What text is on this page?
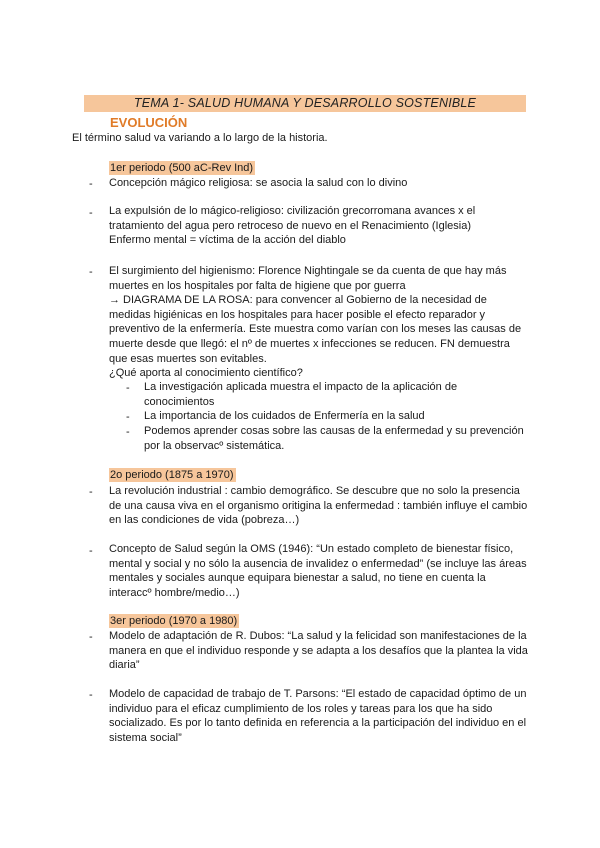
TEMA 1- SALUD HUMANA Y DESARROLLO SOSTENIBLE
EVOLUCIÓN
El término salud va variando a lo largo de la historia.
1er periodo (500 aC-Rev Ind)
- Concepción mágico religiosa: se asocia la salud con lo divino
- La expulsión de lo mágico-religioso: civilización grecorromana avances x el tratamiento del agua pero retroceso de nuevo en el Renacimiento (Iglesia)

Enfermo mental = víctima de la acción del diablo

- El surgimiento del higienismo: Florence Nightingale se da cuenta de que hay más muertes en los hospitales por falta de higiene que por guerra

→ DIAGRAMA DE LA ROSA: para convencer al Gobierno de la necesidad de medidas higiénicas en los hospitales para hacer posible el efecto reparador y preventivo de la enfermería. Este muestra como varían con los meses las causas de muerte desde que llegó: el nº de muertes x infecciones se reducen. FN demuestra que esas muertes son evitables.

¿Qué aporta al conocimiento científico?

- La investigación aplicada muestra el impacto de la aplicación de conocimientos
- La importancia de los cuidados de Enfermería en la salud
- Podemos aprender cosas sobre las causas de la enfermedad y su prevención por la observacº sistemática.
2o periodo (1875 a 1970)
- La revolución industrial : cambio demográfico. Se descubre que no solo la presencia de una causa viva en el organismo oritigina la enfermedad : también influye el cambio en las condiciones de vida (pobreza…)
- Concepto de Salud según la OMS (1946): “Un estado completo de bienestar físico, mental y social y no sólo la ausencia de invalidez o enfermedad” (se incluye las áreas mentales y sociales aunque equipara bienestar a salud, no tiene en cuenta la interaccº hombre/medio…)
3er periodo (1970 a 1980)
- Modelo de adaptación de R. Dubos: “La salud y la felicidad son manifestaciones de la manera en que el individuo responde y se adapta a los desafíos que la plantea la vida diaria”
- Modelo de capacidad de trabajo de T. Parsons: “El estado de capacidad óptimo de un individuo para el eficaz cumplimiento de los roles y tareas para los que ha sido socializado. Es por lo tanto definida en referencia a la participación del individuo en el sistema social”
